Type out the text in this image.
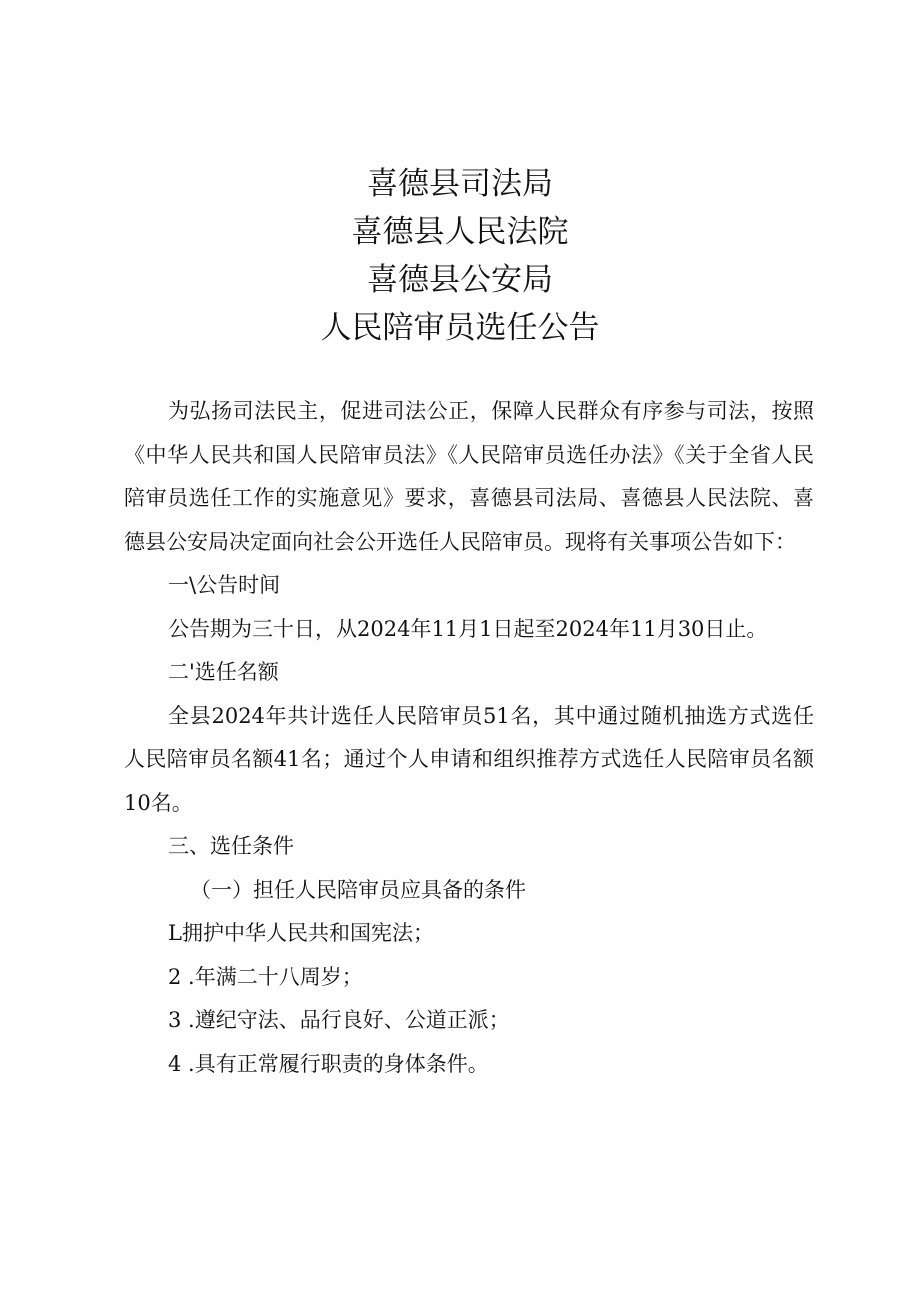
喜德县司法局
喜德县人民法院
喜德县公安局
人民陪审员选任公告

为弘扬司法民主，促进司法公正，保障人民群众有序参与司法，按照《中华人民共和国人民陪审员法》《人民陪审员选任办法》《关于全省人民陪审员选任工作的实施意见》要求，喜德县司法局、喜德县人民法院、喜德县公安局决定面向社会公开选任人民陪审员。现将有关事项公告如下：

一\公告时间

公告期为三十日，从2024年11月1日起至2024年11月30日止。

二'选任名额

全县2024年共计选任人民陪审员51名，其中通过随机抽选方式选任人民陪审员名额41名；通过个人申请和组织推荐方式选任人民陪审员名额10名。

三、选任条件

（一）担任人民陪审员应具备的条件

L拥护中华人民共和国宪法；

2 .年满二十八周岁；

3 .遵纪守法、品行良好、公道正派；

4 .具有正常履行职责的身体条件。
